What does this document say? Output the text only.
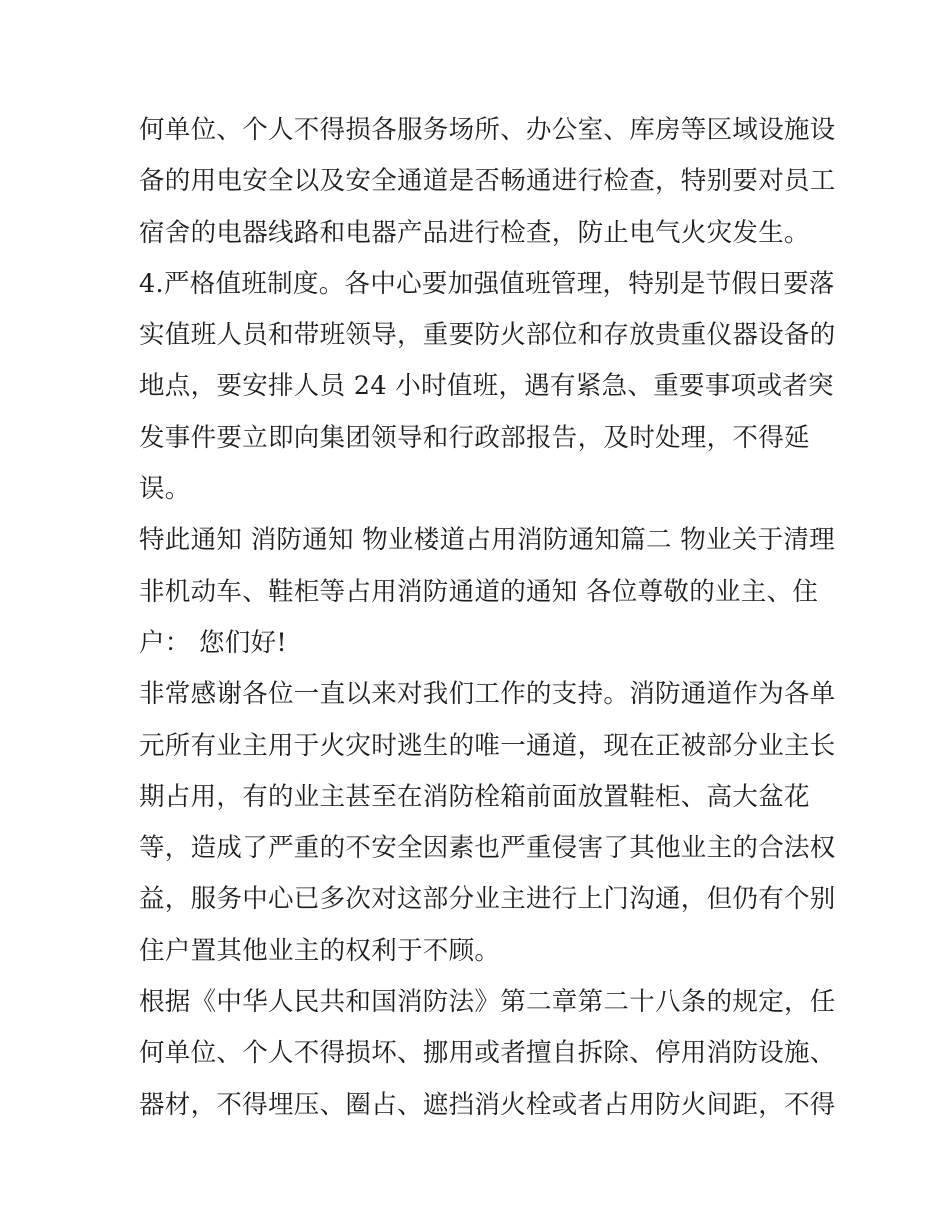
何单位、个人不得损各服务场所、办公室、库房等区域设施设
备的用电安全以及安全通道是否畅通进行检查，特别要对员工
宿舍的电器线路和电器产品进行检查，防止电气火灾发生。
4.严格值班制度。各中心要加强值班管理，特别是节假日要落
实值班人员和带班领导，重要防火部位和存放贵重仪器设备的
地点，要安排人员 24 小时值班，遇有紧急、重要事项或者突
发事件要立即向集团领导和行政部报告，及时处理，不得延
误。
特此通知 消防通知 物业楼道占用消防通知篇二 物业关于清理
非机动车、鞋柜等占用消防通道的通知 各位尊敬的业主、住
户： 您们好!
非常感谢各位一直以来对我们工作的支持。消防通道作为各单
元所有业主用于火灾时逃生的唯一通道，现在正被部分业主长
期占用，有的业主甚至在消防栓箱前面放置鞋柜、高大盆花
等，造成了严重的不安全因素也严重侵害了其他业主的合法权
益，服务中心已多次对这部分业主进行上门沟通，但仍有个别
住户置其他业主的权利于不顾。
根据《中华人民共和国消防法》第二章第二十八条的规定，任
何单位、个人不得损坏、挪用或者擅自拆除、停用消防设施、
器材，不得埋压、圈占、遮挡消火栓或者占用防火间距，不得
